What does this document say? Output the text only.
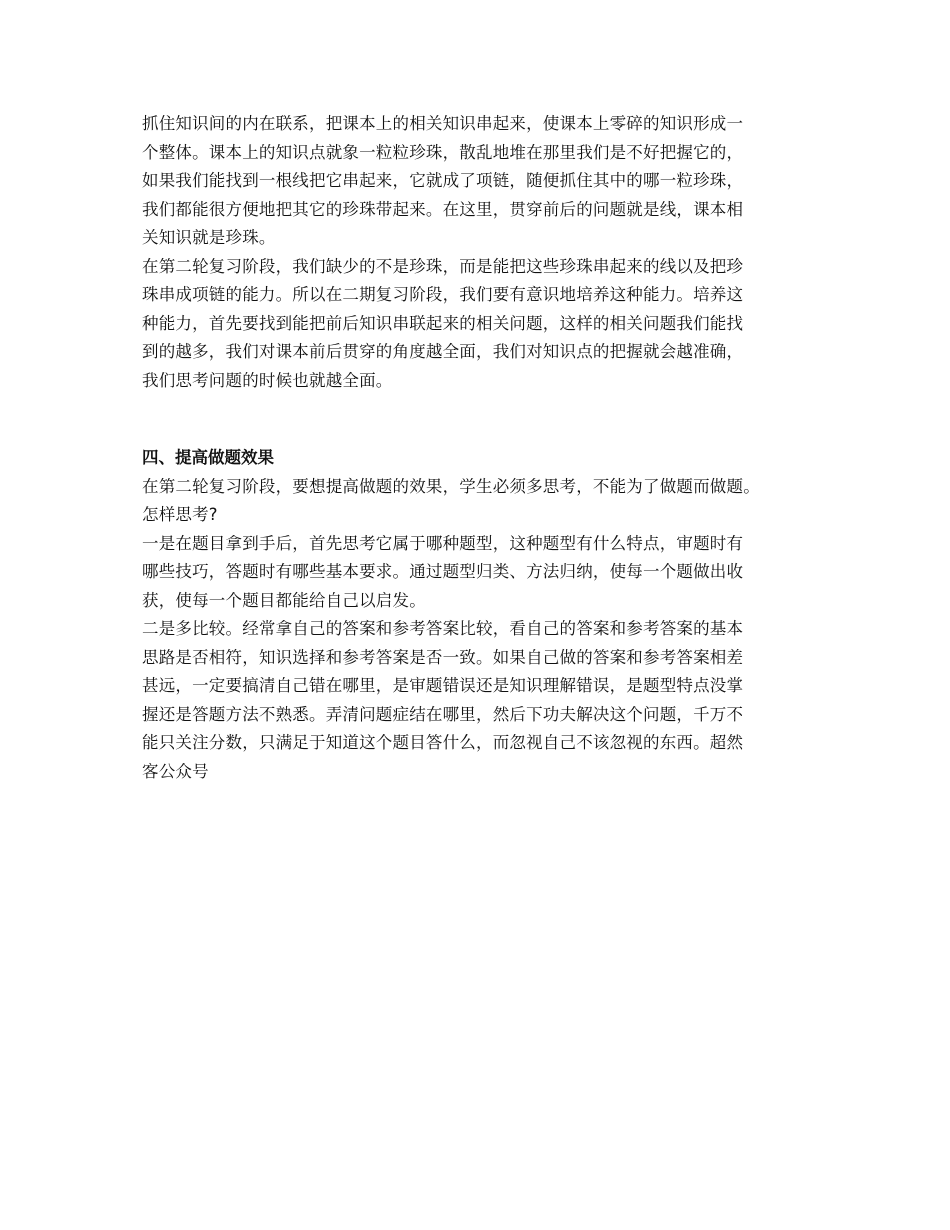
抓住知识间的内在联系，把课本上的相关知识串起来，使课本上零碎的知识形成一
个整体。课本上的知识点就象一粒粒珍珠，散乱地堆在那里我们是不好把握它的，
如果我们能找到一根线把它串起来，它就成了项链，随便抓住其中的哪一粒珍珠，
我们都能很方便地把其它的珍珠带起来。在这里，贯穿前后的问题就是线，课本相
关知识就是珍珠。
在第二轮复习阶段，我们缺少的不是珍珠，而是能把这些珍珠串起来的线以及把珍
珠串成项链的能力。所以在二期复习阶段，我们要有意识地培养这种能力。培养这
种能力，首先要找到能把前后知识串联起来的相关问题，这样的相关问题我们能找
到的越多，我们对课本前后贯穿的角度越全面，我们对知识点的把握就会越准确，
我们思考问题的时候也就越全面。
四、提高做题效果
在第二轮复习阶段，要想提高做题的效果，学生必须多思考，不能为了做题而做题。
怎样思考?
一是在题目拿到手后，首先思考它属于哪种题型，这种题型有什么特点，审题时有
哪些技巧，答题时有哪些基本要求。通过题型归类、方法归纳，使每一个题做出收
获，使每一个题目都能给自己以启发。
二是多比较。经常拿自己的答案和参考答案比较，看自己的答案和参考答案的基本
思路是否相符，知识选择和参考答案是否一致。如果自己做的答案和参考答案相差
甚远，一定要搞清自己错在哪里，是审题错误还是知识理解错误，是题型特点没掌
握还是答题方法不熟悉。弄清问题症结在哪里，然后下功夫解决这个问题，千万不
能只关注分数，只满足于知道这个题目答什么，而忽视自己不该忽视的东西。超然
客公众号
